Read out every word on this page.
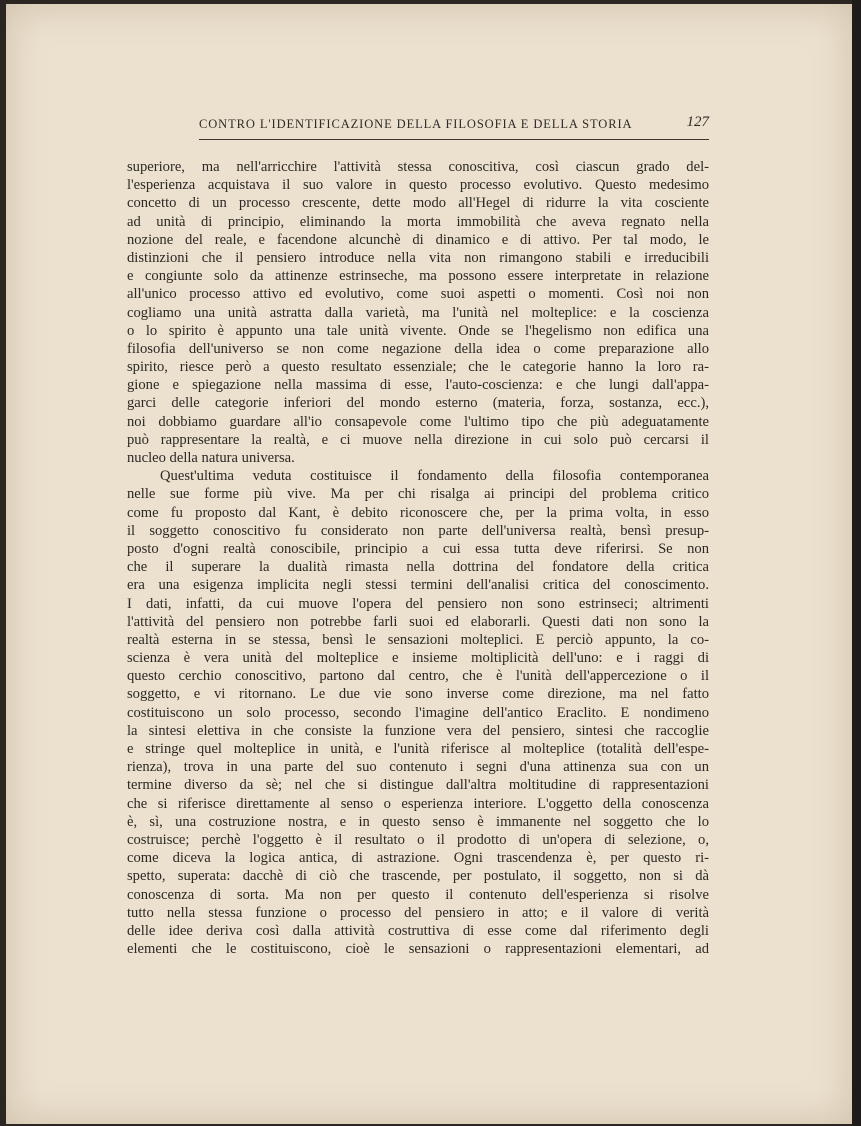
CONTRO L'IDENTIFICAZIONE DELLA FILOSOFIA E DELLA STORIA	127
superiore, ma nell'arricchire l'attività stessa conoscitiva, così ciascun grado del-
l'esperienza acquistava il suo valore in questo processo evolutivo. Questo medesimo
concetto di un processo crescente, dette modo all'Hegel di ridurre la vita cosciente
ad unità di principio, eliminando la morta immobilità che aveva regnato nella
nozione del reale, e facendone alcunchè di dinamico e di attivo. Per tal modo, le
distinzioni che il pensiero introduce nella vita non rimangono stabili e irreducibili
e congiunte solo da attinenze estrinseche, ma possono essere interpretate in relazione
all'unico processo attivo ed evolutivo, come suoi aspetti o momenti. Così noi non
cogliamo una unità astratta dalla varietà, ma l'unità nel molteplice: e la coscienza
o lo spirito è appunto una tale unità vivente. Onde se l'hegelismo non edifica una
filosofia dell'universo se non come negazione della idea o come preparazione allo
spirito, riesce però a questo resultato essenziale; che le categorie hanno la loro ra-
gione e spiegazione nella massima di esse, l'auto-coscienza: e che lungi dall'appa-
garci delle categorie inferiori del mondo esterno (materia, forza, sostanza, ecc.),
noi dobbiamo guardare all'io consapevole come l'ultimo tipo che più adeguatamente
può rappresentare la realtà, e ci muove nella direzione in cui solo può cercarsi il
nucleo della natura universa.
Quest'ultima veduta costituisce il fondamento della filosofia contemporanea
nelle sue forme più vive. Ma per chi risalga ai principi del problema critico
come fu proposto dal Kant, è debito riconoscere che, per la prima volta, in esso
il soggetto conoscitivo fu considerato non parte dell'universa realtà, bensì presup-
posto d'ogni realtà conoscibile, principio a cui essa tutta deve riferirsi. Se non
che il superare la dualità rimasta nella dottrina del fondatore della critica
era una esigenza implicita negli stessi termini dell'analisi critica del conoscimento.
I dati, infatti, da cui muove l'opera del pensiero non sono estrinseci; altrimenti
l'attività del pensiero non potrebbe farli suoi ed elaborarli. Questi dati non sono la
realtà esterna in se stessa, bensì le sensazioni molteplici. E perciò appunto, la co-
scienza è vera unità del molteplice e insieme moltiplicità dell'uno: e i raggi di
questo cerchio conoscitivo, partono dal centro, che è l'unità dell'appercezione o il
soggetto, e vi ritornano. Le due vie sono inverse come direzione, ma nel fatto
costituiscono un solo processo, secondo l'imagine dell'antico Eraclito. E nondimeno
la sintesi elettiva in che consiste la funzione vera del pensiero, sintesi che raccoglie
e stringe quel molteplice in unità, e l'unità riferisce al molteplice (totalità dell'espe-
rienza), trova in una parte del suo contenuto i segni d'una attinenza sua con un
termine diverso da sè; nel che si distingue dall'altra moltitudine di rappresentazioni
che si riferisce direttamente al senso o esperienza interiore. L'oggetto della conoscenza
è, sì, una costruzione nostra, e in questo senso è immanente nel soggetto che lo
costruisce; perchè l'oggetto è il resultato o il prodotto di un'opera di selezione, o,
come diceva la logica antica, di astrazione. Ogni trascendenza è, per questo ri-
spetto, superata: dacchè di ciò che trascende, per postulato, il soggetto, non si dà
conoscenza di sorta. Ma non per questo il contenuto dell'esperienza si risolve
tutto nella stessa funzione o processo del pensiero in atto; e il valore di verità
delle idee deriva così dalla attività costruttiva di esse come dal riferimento degli
elementi che le costituiscono, cioè le sensazioni o rappresentazioni elementari, ad
